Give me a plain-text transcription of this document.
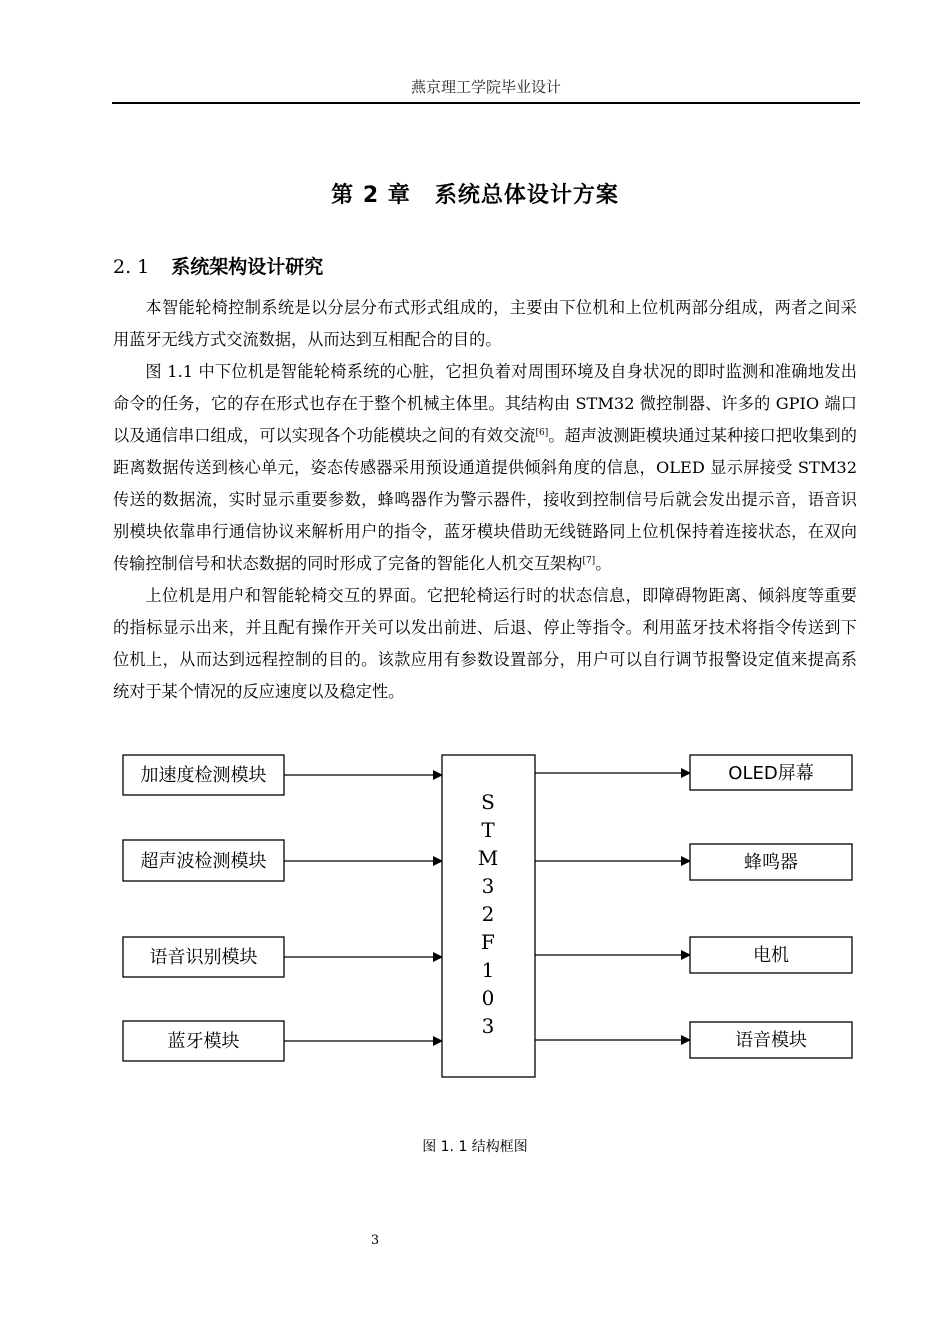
燕京理工学院毕业设计
第 2 章 系统总体设计方案
2. 1 系统架构设计研究

本智能轮椅控制系统是以分层分布式形式组成的，主要由下位机和上位机两部分组成，两者之间采用蓝牙无线方式交流数据，从而达到互相配合的目的。

图 1.1 中下位机是智能轮椅系统的心脏，它担负着对周围环境及自身状况的即时监测和准确地发出命令的任务，它的存在形式也存在于整个机械主体里。其结构由 STM32 微控制器、许多的 GPIO 端口以及通信串口组成，可以实现各个功能模块之间的有效交流[6]。超声波测距模块通过某种接口把收集到的距离数据传送到核心单元，姿态传感器采用预设通道提供倾斜角度的信息，OLED 显示屏接受 STM32 传送的数据流，实时显示重要参数，蜂鸣器作为警示器件，接收到控制信号后就会发出提示音，语音识别模块依靠串行通信协议来解析用户的指令，蓝牙模块借助无线链路同上位机保持着连接状态，在双向传输控制信号和状态数据的同时形成了完备的智能化人机交互架构[7]。

上位机是用户和智能轮椅交互的界面。它把轮椅运行时的状态信息，即障碍物距离、倾斜度等重要的指标显示出来，并且配有操作开关可以发出前进、后退、停止等指令。利用蓝牙技术将指令传送到下位机上，从而达到远程控制的目的。该款应用有参数设置部分，用户可以自行调节报警设定值来提高系统对于某个情况的反应速度以及稳定性。

加速度检测模块
超声波检测模块
语音识别模块
蓝牙模块
S
T
M
3
2
F
1
0
3
OLED屏幕
蜂鸣器
电机
语音模块
图 1. 1 结构框图
3
